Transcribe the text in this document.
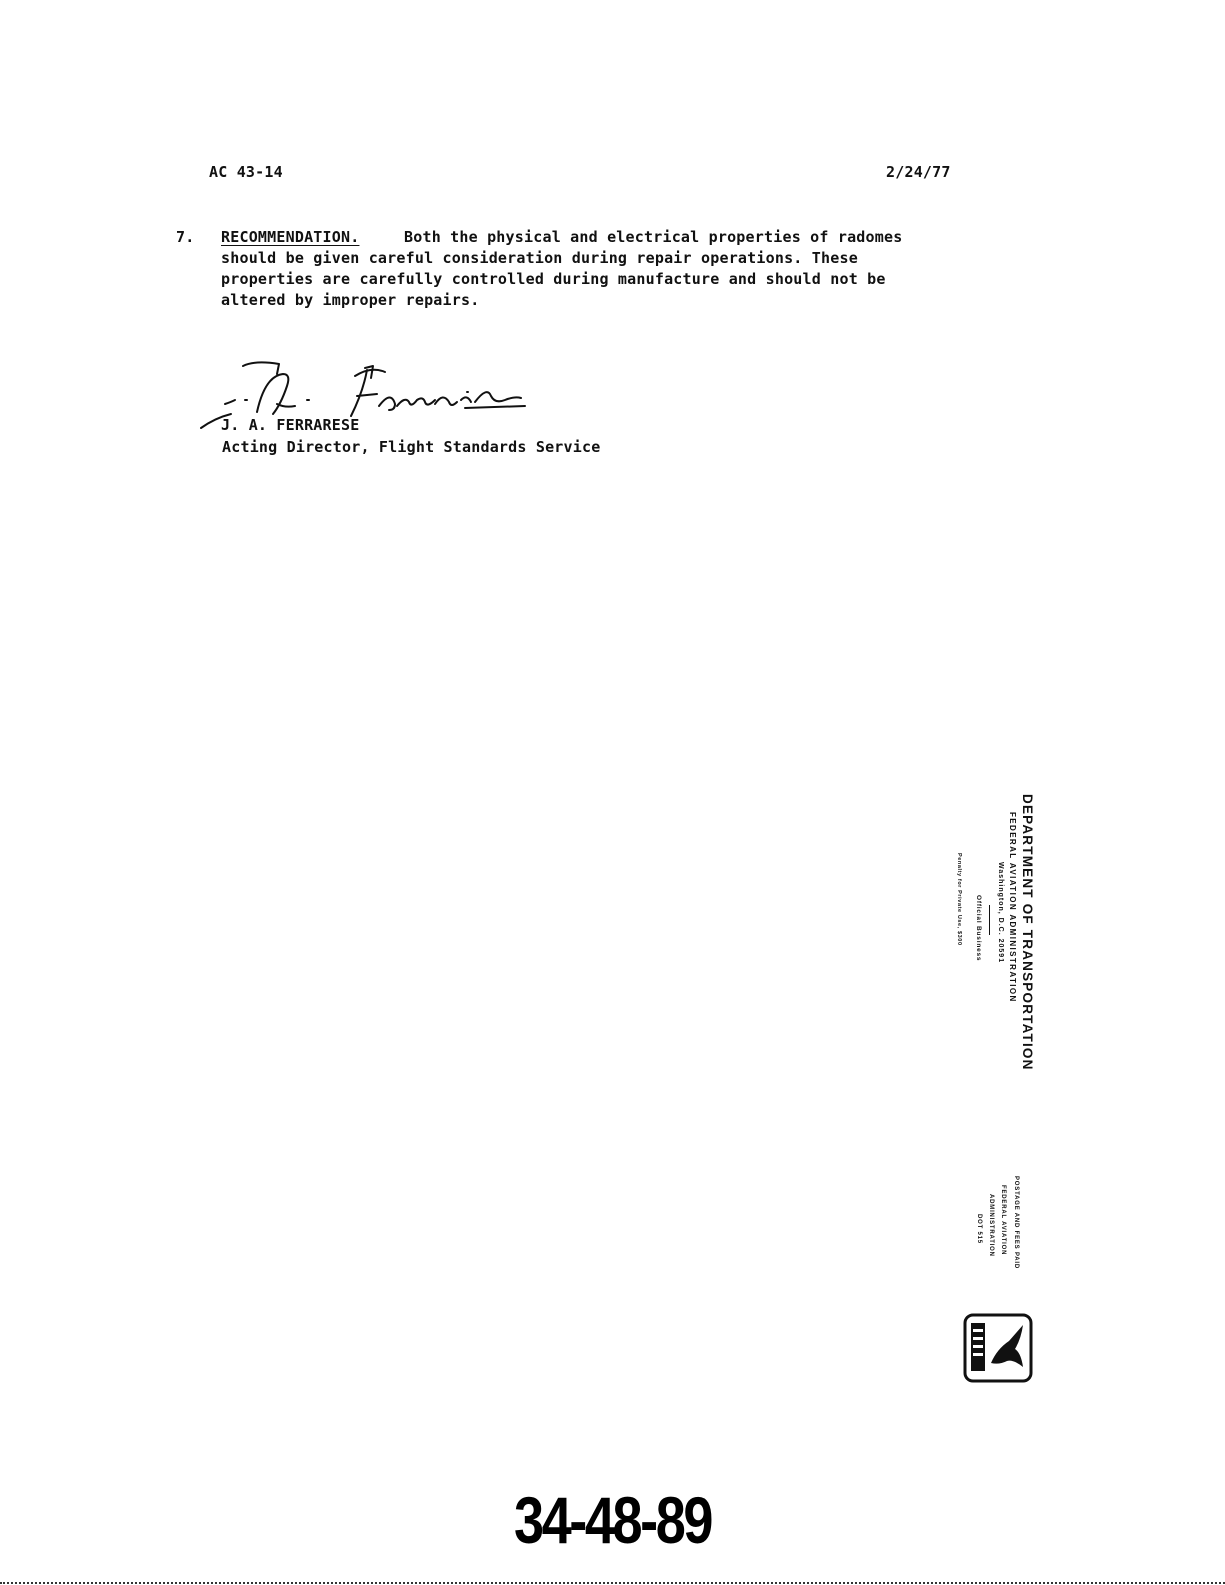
AC 43-14	2/24/77
7. RECOMMENDATION.	Both the physical and electrical properties of radomes
should be given careful consideration during repair operations. These
properties are carefully controlled during manufacture and should not be
altered by improper repairs.
J. A. FERRARESE
Acting Director, Flight Standards Service
DEPARTMENT OF TRANSPORTATION
FEDERAL AVIATION ADMINISTRATION
Washington, D.C. 20591
Official Business
Penalty for Private Use, $300
POSTAGE AND FEES PAID
FEDERAL AVIATION
ADMINISTRATION
DOT 515
34-48-89
